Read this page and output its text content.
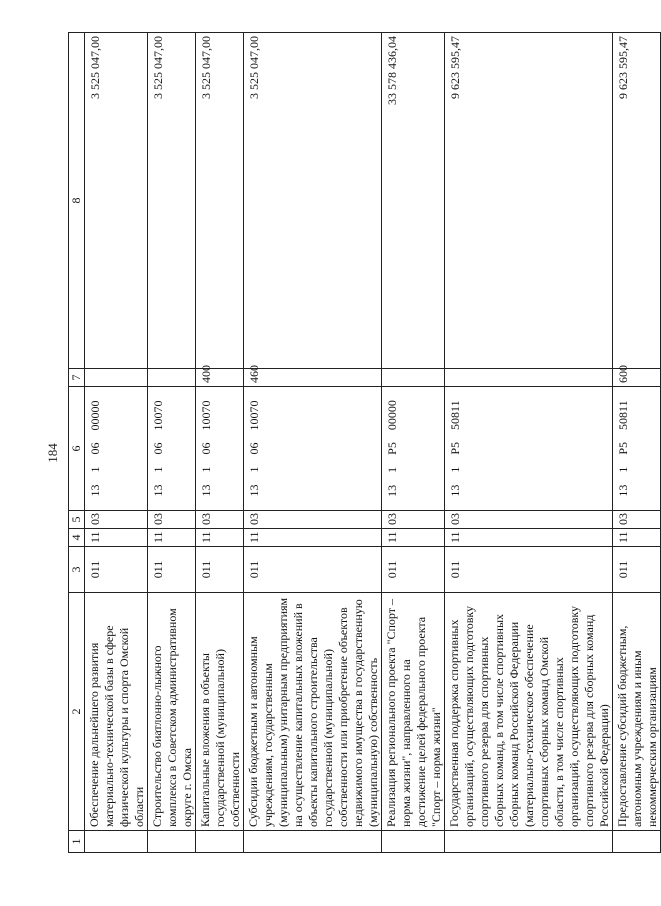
184
1	2	3	4	5	6	7	8
	Обеспечение дальнейшего развития материально-технической базы в сфере физической культуры и спорта Омской области	011	11	03	1310600000		3 525 047,00
	Строительство биатлонно-лыжного комплекса в Советском административном округе г. Омска	011	11	03	1310610070		3 525 047,00
	Капитальные вложения в объекты государственной (муниципальной) собственности	011	11	03	1310610070	400	3 525 047,00
	Субсидии бюджетным и автономным учреждениям, государственным (муниципальным) унитарным предприятиям на осуществление капитальных вложений в объекты капитального строительства государственной (муниципальной) собственности или приобретение объектов недвижимого имущества в государственную (муниципальную) собственность	011	11	03	1310610070	460	3 525 047,00
	Реализация регионального проекта "Спорт – норма жизни", направленного на достижение целей федерального проекта "Спорт – норма жизни"	011	11	03	131P500000		33 578 436,04
	Государственная поддержка спортивных организаций, осуществляющих подготовку спортивного резерва для спортивных сборных команд, в том числе спортивных сборных команд Российской Федерации (материально-техническое обеспечение спортивных сборных команд Омской области, в том числе спортивных организаций, осуществляющих подготовку спортивного резерва для сборных команд Российской Федерации)	011	11	03	131P550811		9 623 595,47
	Предоставление субсидий бюджетным, автономным учреждениям и иным некоммерческим организациям	011	11	03	131P550811	600	9 623 595,47
